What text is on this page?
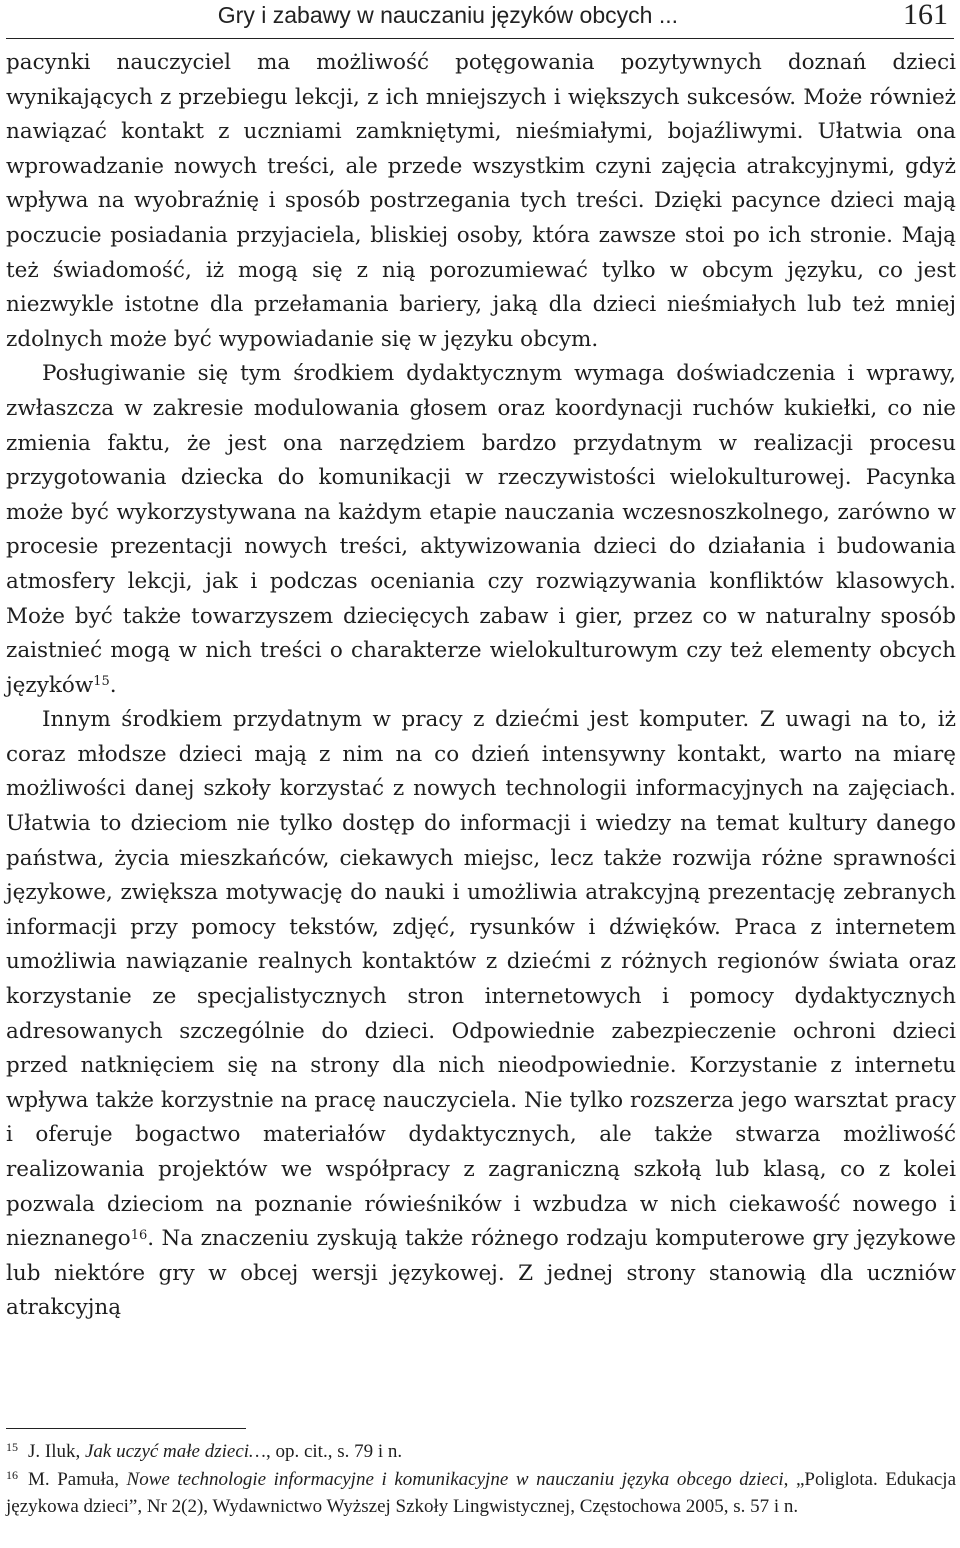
Gry i zabawy w nauczaniu języków obcych ...	161

pacynki nauczyciel ma możliwość potęgowania pozytywnych doznań dzieci wynikających z przebiegu lekcji, z ich mniejszych i większych sukcesów. Może również nawiązać kontakt z uczniami zamkniętymi, nieśmiałymi, bojaźliwymi. Ułatwia ona wprowadzanie nowych treści, ale przede wszystkim czyni zajęcia atrakcyjnymi, gdyż wpływa na wyobraźnię i sposób postrzegania tych treści. Dzięki pacynce dzieci mają poczucie posiadania przyjaciela, bliskiej osoby, która zawsze stoi po ich stronie. Mają też świadomość, iż mogą się z nią porozumiewać tylko w obcym języku, co jest niezwykle istotne dla przełamania bariery, jaką dla dzieci nieśmiałych lub też mniej zdolnych może być wypowiadanie się w języku obcym.

Posługiwanie się tym środkiem dydaktycznym wymaga doświadczenia i wprawy, zwłaszcza w zakresie modulowania głosem oraz koordynacji ruchów kukiełki, co nie zmienia faktu, że jest ona narzędziem bardzo przydatnym w realizacji procesu przygotowania dziecka do komunikacji w rzeczywistości wielokulturowej. Pacynka może być wykorzystywana na każdym etapie nauczania wczesnoszkolnego, zarówno w procesie prezentacji nowych treści, aktywizowania dzieci do działania i budowania atmosfery lekcji, jak i podczas oceniania czy rozwiązywania konfliktów klasowych. Może być także towarzyszem dziecięcych zabaw i gier, przez co w naturalny sposób zaistnieć mogą w nich treści o charakterze wielokulturowym czy też elementy obcych języków$^{15}$.

Innym środkiem przydatnym w pracy z dziećmi jest komputer. Z uwagi na to, iż coraz młodsze dzieci mają z nim na co dzień intensywny kontakt, warto na miarę możliwości danej szkoły korzystać z nowych technologii informacyjnych na zajęciach. Ułatwia to dzieciom nie tylko dostęp do informacji i wiedzy na temat kultury danego państwa, życia mieszkańców, ciekawych miejsc, lecz także rozwija różne sprawności językowe, zwiększa motywację do nauki i umożliwia atrakcyjną prezentację zebranych informacji przy pomocy tekstów, zdjęć, rysunków i dźwięków. Praca z internetem umożliwia nawiązanie realnych kontaktów z dziećmi z różnych regionów świata oraz korzystanie ze specjalistycznych stron internetowych i pomocy dydaktycznych adresowanych szczególnie do dzieci. Odpowiednie zabezpieczenie ochroni dzieci przed natknięciem się na strony dla nich nieodpowiednie. Korzystanie z internetu wpływa także korzystnie na pracę nauczyciela. Nie tylko rozszerza jego warsztat pracy i oferuje bogactwo materiałów dydaktycznych, ale także stwarza możliwość realizowania projektów we współpracy z zagraniczną szkołą lub klasą, co z kolei pozwala dzieciom na poznanie rówieśników i wzbudza w nich ciekawość nowego i nieznanego$^{16}$. Na znaczeniu zyskują także różnego rodzaju komputerowe gry językowe lub niektóre gry w obcej wersji językowej. Z jednej strony stanowią dla uczniów atrakcyjną

$^{15}$ J. Iluk, Jak uczyć małe dzieci…, op. cit., s. 79 i n.

$^{16}$ M. Pamuła, Nowe technologie informacyjne i komunikacyjne w nauczaniu języka obcego dzieci, „Poliglota. Edukacja językowa dzieci”, Nr 2(2), Wydawnictwo Wyższej Szkoły Lingwistycznej, Częstochowa 2005, s. 57 i n.
